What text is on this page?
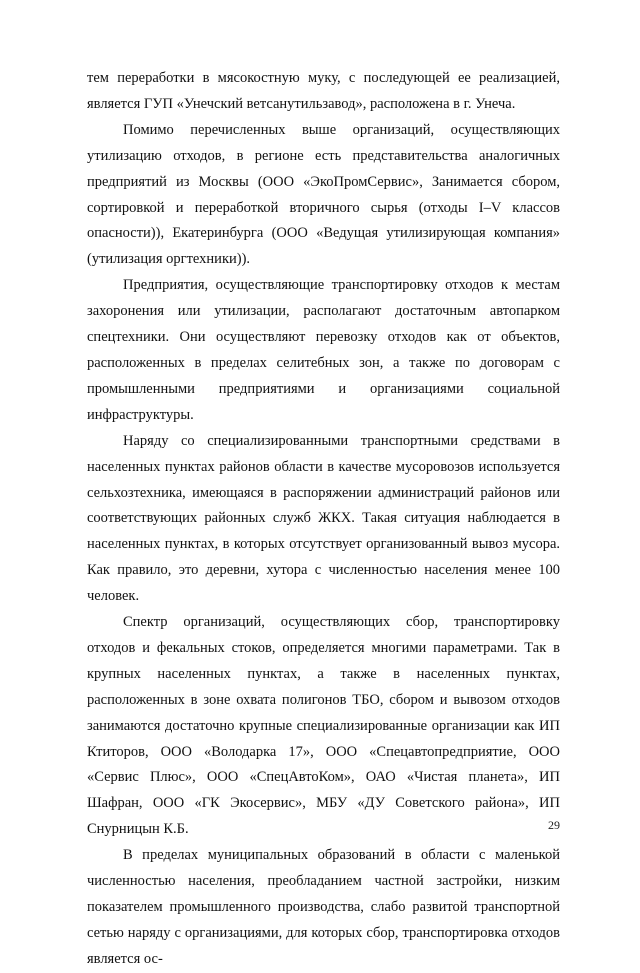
тем переработки в мясокостную муку, с последующей ее реализацией, является ГУП «Унечский ветсанутильзавод», расположена в г. Унеча.

Помимо перечисленных выше организаций, осуществляющих утилизацию отходов, в регионе есть представительства аналогичных предприятий из Москвы (ООО «ЭкоПромСервис», Занимается сбором, сортировкой и переработкой вторичного сырья (отходы I–V классов опасности)), Екатеринбурга (ООО «Ведущая утилизирующая компания» (утилизация оргтехники)).

Предприятия, осуществляющие транспортировку отходов к местам захоронения или утилизации, располагают достаточным автопарком спецтехники. Они осуществляют перевозку отходов как от объектов, расположенных в пределах селитебных зон, а также по договорам с промышленными предприятиями и организациями социальной инфраструктуры.

Наряду со специализированными транспортными средствами в населенных пунктах районов области в качестве мусоровозов используется сельхозтехника, имеющаяся в распоряжении администраций районов или соответствующих районных служб ЖКХ. Такая ситуация наблюдается в населенных пунктах, в которых отсутствует организованный вывоз мусора. Как правило, это деревни, хутора с численностью населения менее 100 человек.

Спектр организаций, осуществляющих сбор, транспортировку отходов и фекальных стоков, определяется многими параметрами. Так в крупных населенных пунктах, а также в населенных пунктах, расположенных в зоне охвата полигонов ТБО, сбором и вывозом отходов занимаются достаточно крупные специализированные организации как ИП Ктиторов, ООО «Володарка 17», ООО «Спецавтопредприятие, ООО «Сервис Плюс», ООО «СпецАвтоКом», ОАО «Чистая планета», ИП Шафран, ООО «ГК Экосервис», МБУ «ДУ Советского района», ИП Снурницын К.Б.

В пределах муниципальных образований в области с маленькой численностью населения, преобладанием частной застройки, низким показателем промышленного производства, слабо развитой транспортной сетью наряду с организациями, для которых сбор, транспортировка отходов является ос-

29
